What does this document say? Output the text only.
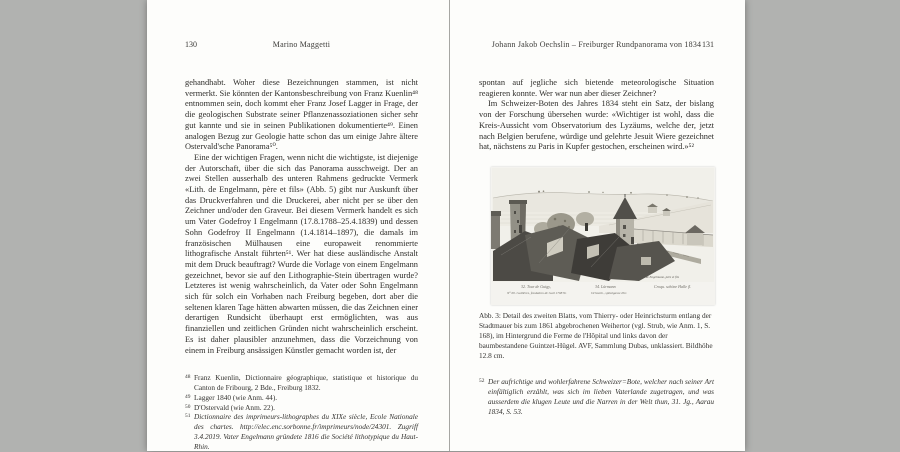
130	Marino Maggetti

gehandhabt. Woher diese Bezeichnungen stammen, ist nicht vermerkt. Sie könnten der Kantonsbeschreibung von Franz Kuenlin⁴⁸ entnommen sein, doch kommt eher Franz Josef Lagger in Frage, der die geologischen Substrate seiner Pflanzenassoziationen sicher sehr gut kannte und sie in seinen Publikationen dokumentierte⁴⁹. Einen analogen Bezug zur Geologie hatte schon das um einige Jahre ältere Ostervald'sche Panorama⁵⁰.

Eine der wichtigen Fragen, wenn nicht die wichtigste, ist diejenige der Autorschaft, über die sich das Panorama ausschweigt. Der an zwei Stellen ausserhalb des unteren Rahmens gedruckte Vermerk «Lith. de Engelmann, père et fils» (Abb. 5) gibt nur Auskunft über das Druckverfahren und die Druckerei, aber nicht per se über den Zeichner und/oder den Graveur. Bei diesem Vermerk handelt es sich um Vater Godefroy I Engelmann (17.8.1788–25.4.1839) und dessen Sohn Godefroy II Engelmann (1.4.1814–1897), die damals im französischen Mülhausen eine europaweit renommierte lithografische Anstalt führten⁵¹. Wer hat diese ausländische Anstalt mit dem Druck beauftragt? Wurde die Vorlage von einem Engelmann gezeichnet, bevor sie auf den Lithographie-Stein übertragen wurde? Letzteres ist wenig wahrscheinlich, da Vater oder Sohn Engelmann sich für solch ein Vorhaben nach Freiburg begeben, dort aber die seltenen klaren Tage hätten abwarten müssen, die das Zeichnen einer derartigen Rundsicht überhaupt erst ermöglichten, was aus finanziellen und zeitlichen Gründen nicht wahrscheinlich erscheint. Es ist daher plausibler anzunehmen, dass die Vorzeichnung von einem in Freiburg ansässigen Künstler gemacht worden ist, der

48 Franz Kuenlin, Dictionnaire géographique, statistique et historique du Canton de Fribourg, 2 Bde., Freiburg 1832.
49 Lagger 1840 (wie Anm. 44).
50 D'Ostervald (wie Anm. 22).
51 Dictionnaire des imprimeurs-lithographes du XIXe siècle, Ecole Nationale des chartes. http://elec.enc.sorbonne.fr/imprimeurs/node/24301. Zugriff 3.4.2019. Vater Engelmann gründete 1816 die Société lithotypique du Haut-Rhin.
Johann Jakob Oechslin – Freiburger Rundpanorama von 1834 131

spontan auf jegliche sich bietende meteorologische Situation reagieren konnte. Wer war nun aber dieser Zeichner?

Im Schweizer-Boten des Jahres 1834 steht ein Satz, der bislang von der Forschung übersehen wurde: «Wichtiger ist wohl, dass die Kreis-Aussicht vom Observatorium des Lyzäums, welche der, jetzt nach Belgien berufene, würdige und gelehrte Jesuit Wiere gezeichnet hat, nächstens zu Paris in Kupfer gestochen, erscheinen wird.»⁵²

Lith. de Engelmann, père et fils
32. Tour de Guigy,
N° 60. Gallières, fondation de Gail 1708 W.
34. Lürmann
Ochsenb., spitalgasse Por.
Croqu. schöne Halle fl.
Abb. 3: Detail des zweiten Blatts, vom Thierry- oder Heinrichsturm entlang der Stadtmauer bis zum 1861 abgebrochenen Weihertor (vgl. Strub, wie Anm. 1, S. 168), im Hintergrund die Ferme de l'Hôpital und links davon der baumbestandene Guintzet-Hügel. AVF, Sammlung Dubas, unklassiert. Bildhöhe 12.8 cm.
52 Der aufrichtige und wohlerfahrene Schweizer=Bote, welcher nach seiner Art einfältiglich erzählt, was sich im lieben Vaterlande zugetragen, und was ausserdem die klugen Leute und die Narren in der Welt thun, 31. Jg., Aarau 1834, S. 53.
